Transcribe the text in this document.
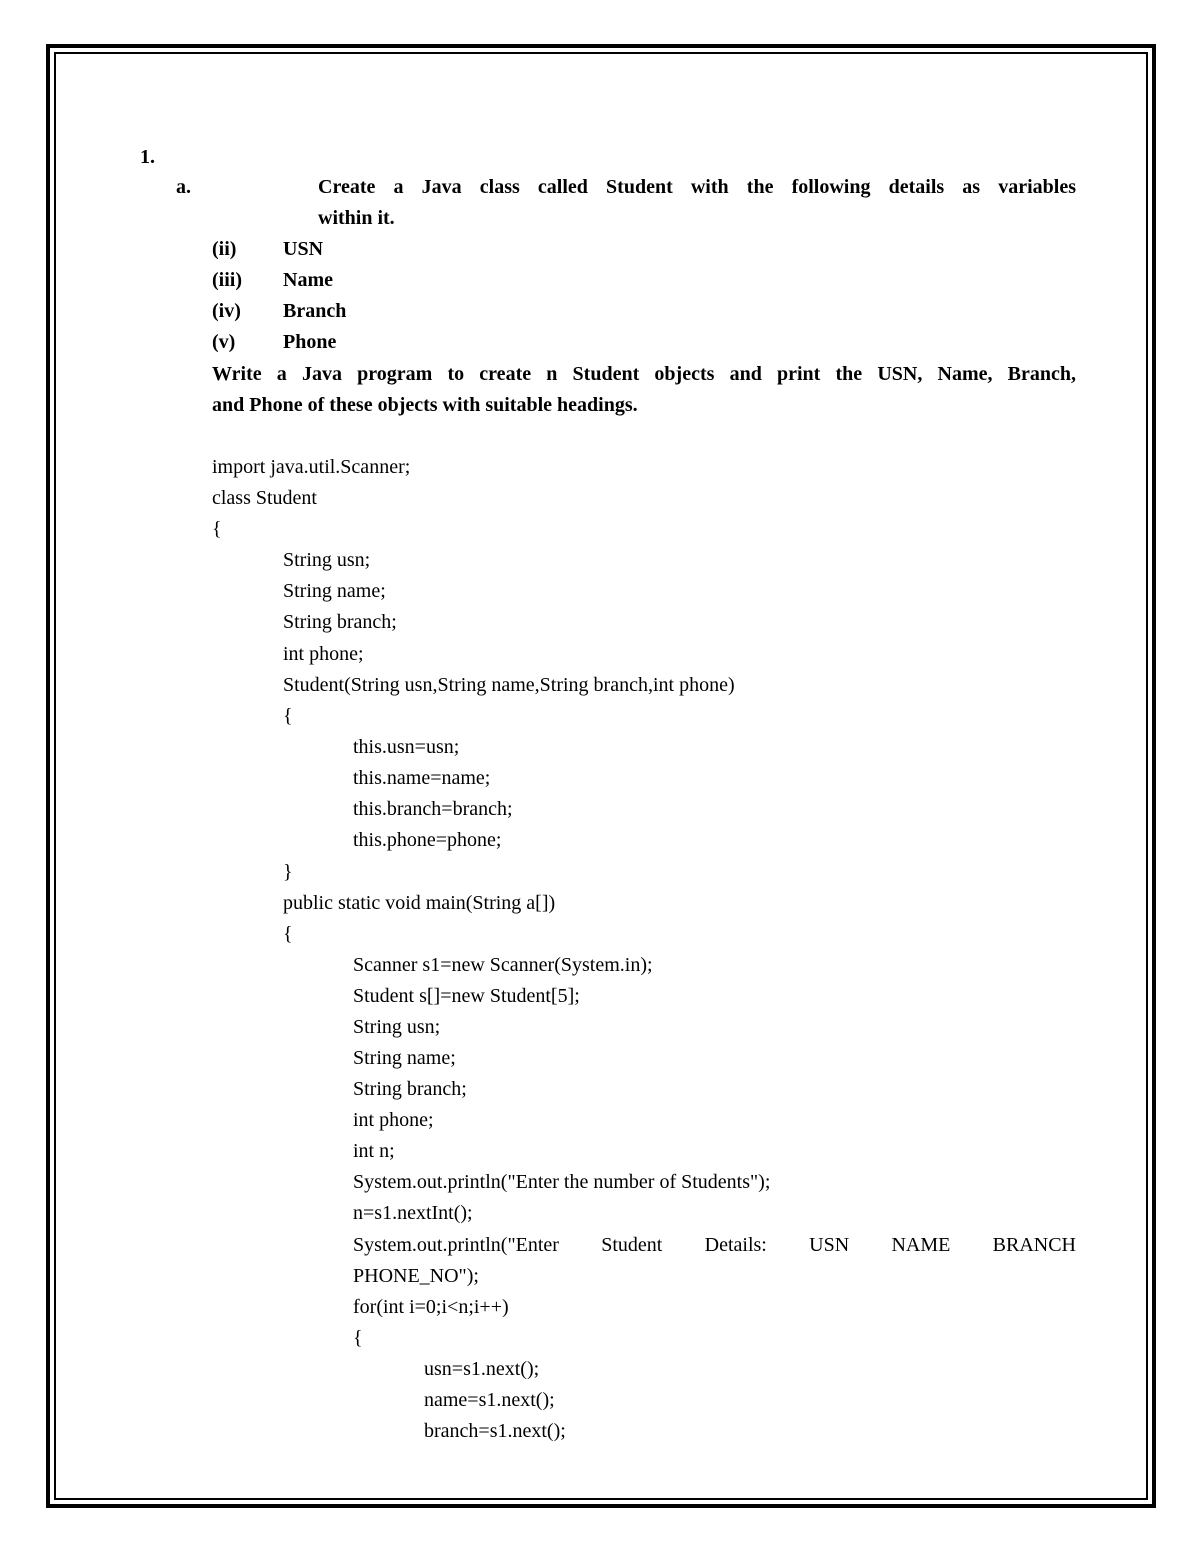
1.
a.	Create a Java class called Student with the following details as variables
within it.
(ii) USN
(iii) Name
(iv) Branch
(v) Phone
Write a Java program to create n Student objects and print the USN, Name, Branch,
and Phone of these objects with suitable headings.
import java.util.Scanner;
class Student
{
String usn;
String name;
String branch;
int phone;
Student(String usn,String name,String branch,int phone)
{
this.usn=usn;
this.name=name;
this.branch=branch;
this.phone=phone;
}
public static void main(String a[])
{
Scanner s1=new Scanner(System.in);
Student s[]=new Student[5];
String usn;
String name;
String branch;
int phone;
int n;
System.out.println("Enter the number of Students");
n=s1.nextInt();
System.out.println("Enter Student Details: USN NAME BRANCH
PHONE_NO");
for(int i=0;i<n;i++)
{
usn=s1.next();
name=s1.next();
branch=s1.next();
